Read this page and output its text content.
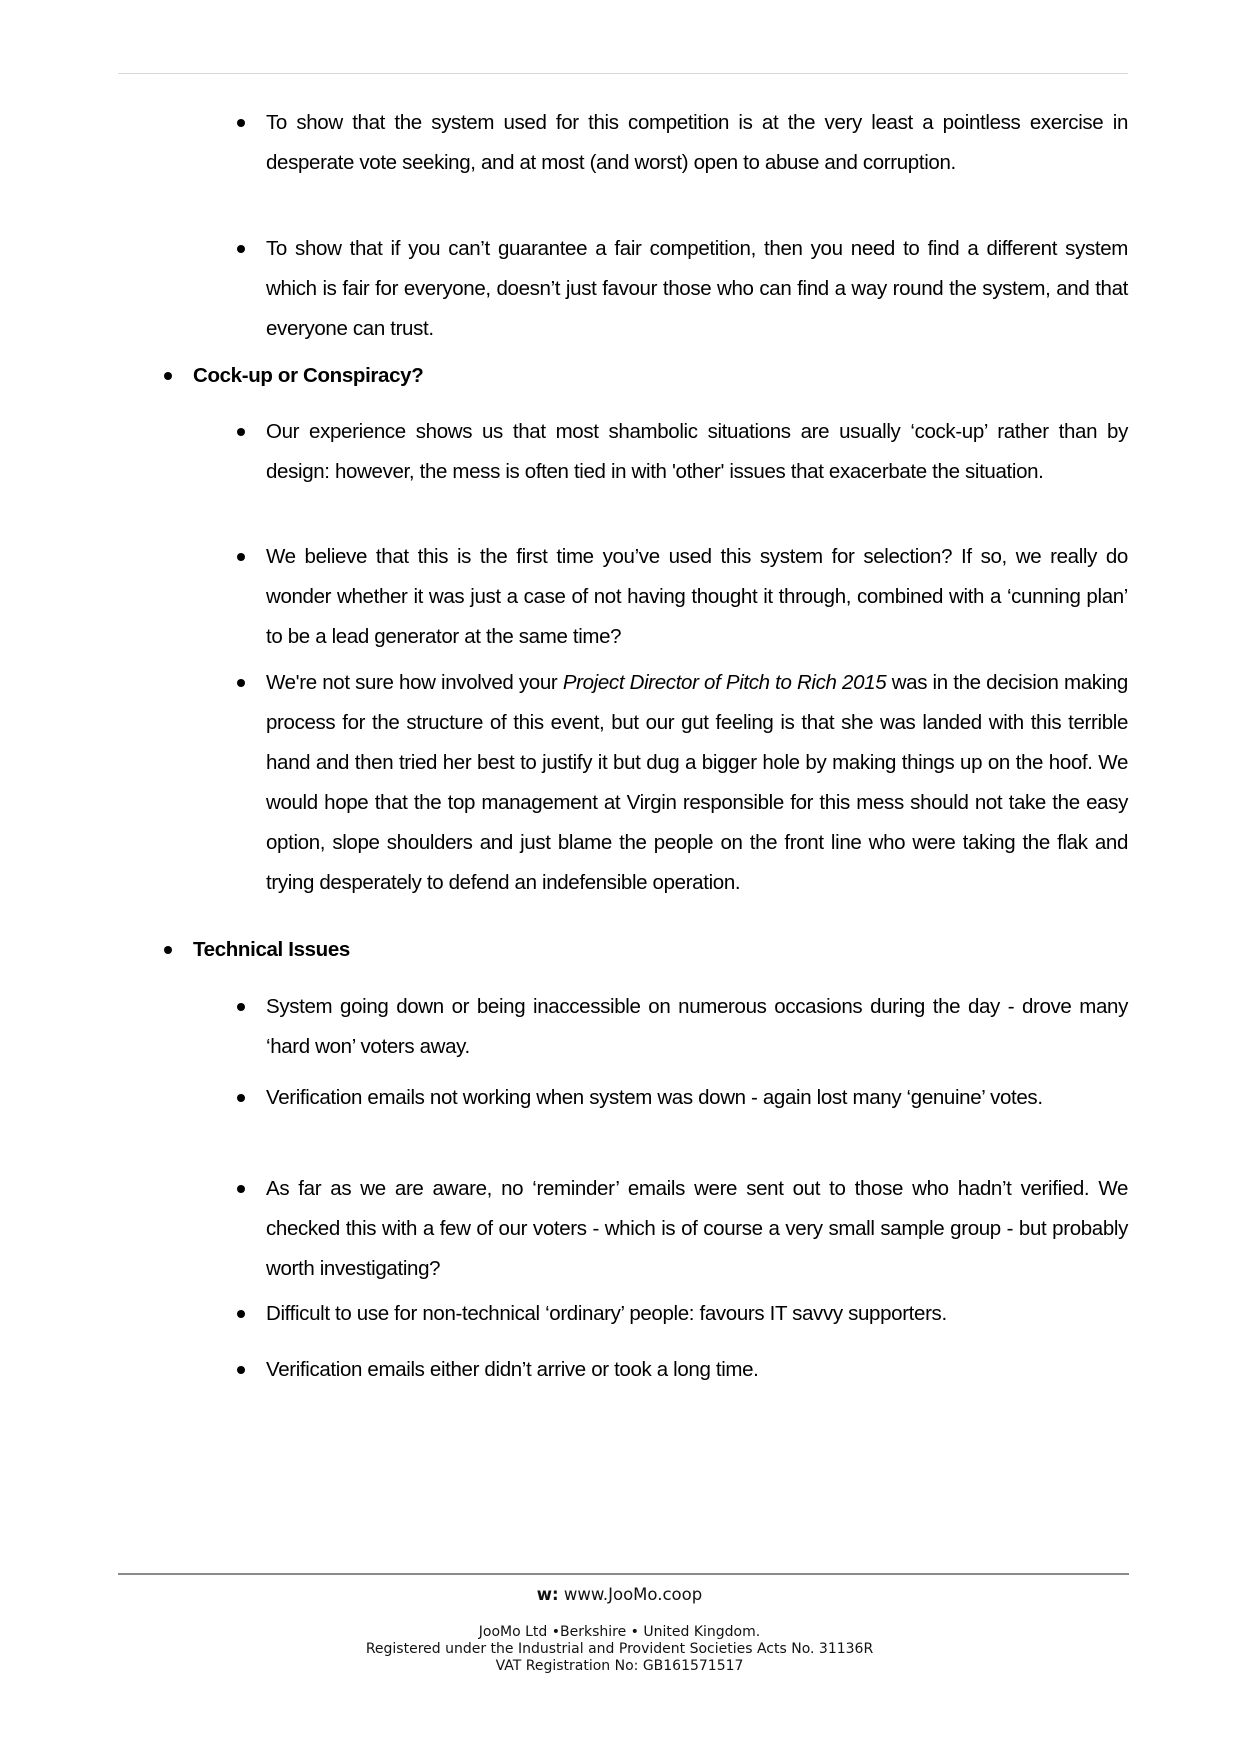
To show that the system used for this competition is at the very least a pointless exercise in desperate vote seeking, and at most (and worst) open to abuse and corruption.
To show that if you can’t guarantee a fair competition, then you need to find a different system which is fair for everyone, doesn’t just favour those who can find a way round the system, and that everyone can trust.
Cock-up or Conspiracy?
Our experience shows us that most shambolic situations are usually ‘cock-up’ rather than by design: however, the mess is often tied in with 'other' issues that exacerbate the situation.
We believe that this is the first time you’ve used this system for selection? If so, we really do wonder whether it was just a case of not having thought it through, combined with a ‘cunning plan’ to be a lead generator at the same time?
We're not sure how involved your Project Director of Pitch to Rich 2015 was in the decision making process for the structure of this event, but our gut feeling is that she was landed with this terrible hand and then tried her best to justify it but dug a bigger hole by making things up on the hoof. We would hope that the top management at Virgin responsible for this mess should not take the easy option, slope shoulders and just blame the people on the front line who were taking the flak and trying desperately to defend an indefensible operation.
Technical Issues
System going down or being inaccessible on numerous occasions during the day - drove many ‘hard won’ voters away.
Verification emails not working when system was down - again lost many ‘genuine’ votes.
As far as we are aware, no ‘reminder’ emails were sent out to those who hadn’t verified. We checked this with a few of our voters - which is of course a very small sample group - but probably worth investigating?
Difficult to use for non-technical ‘ordinary’ people: favours IT savvy supporters.
Verification emails either didn’t arrive or took a long time.
w: www.JooMo.coop
JooMo Ltd •Berkshire • United Kingdom.
Registered under the Industrial and Provident Societies Acts No. 31136R
VAT Registration No: GB161571517
